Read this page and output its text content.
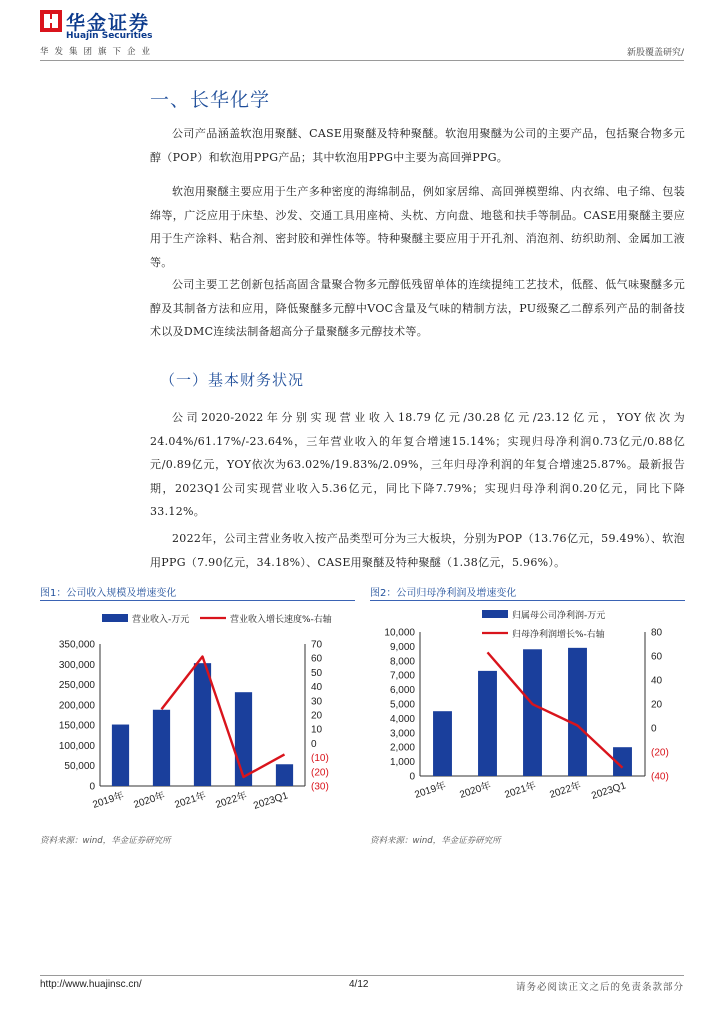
华金证券
Huajin Securities
华发集团旗下企业	新股覆盖研究/
一、长华化学
公司产品涵盖软泡用聚醚、CASE用聚醚及特种聚醚。软泡用聚醚为公司的主要产品，包括聚合物多元醇（POP）和软泡用PPG产品；其中软泡用PPG中主要为高回弹PPG。
软泡用聚醚主要应用于生产多种密度的海绵制品，例如家居绵、高回弹模塑绵、内衣绵、电子绵、包装绵等，广泛应用于床垫、沙发、交通工具用座椅、头枕、方向盘、地毯和扶手等制品。CASE用聚醚主要应用于生产涂料、粘合剂、密封胶和弹性体等。特种聚醚主要应用于开孔剂、消泡剂、纺织助剂、金属加工液等。
公司主要工艺创新包括高固含量聚合物多元醇低残留单体的连续提纯工艺技术，低醛、低气味聚醚多元醇及其制备方法和应用，降低聚醚多元醇中VOC含量及气味的精制方法，PU级聚乙二醇系列产品的制备技术以及DMC连续法制备超高分子量聚醚多元醇技术等。
（一）基本财务状况
公司2020-2022年分别实现营业收入18.79亿元/30.28亿元/23.12亿元，YOY依次为24.04%/61.17%/-23.64%，三年营业收入的年复合增速15.14%；实现归母净利润0.73亿元/0.88亿元/0.89亿元，YOY依次为63.02%/19.83%/2.09%，三年归母净利润的年复合增速25.87%。最新报告期，2023Q1公司实现营业收入5.36亿元，同比下降7.79%；实现归母净利润0.20亿元，同比下降33.12%。
2022年，公司主营业务收入按产品类型可分为三大板块，分别为POP（13.76亿元，59.49%）、软泡用PPG（7.90亿元，34.18%）、CASE用聚醚及特种聚醚（1.38亿元，5.96%）。
图1：公司收入规模及增速变化
营业收入-万元	营业收入增长速度%-右轴
350,000
300,000
250,000
200,000
150,000
100,000
50,000
0
70
60
50
40
30
20
10
0
(10)
(20)
(30)
2019年 2020年 2021年 2022年 2023Q1
资料来源：wind，华金证券研究所
图2：公司归母净利润及增速变化
归属母公司净利润-万元
归母净利润增长%-右轴
10,000
9,000
8,000
7,000
6,000
5,000
4,000
3,000
2,000
1,000
0
80
60
40
20
0
(20)
(40)
2019年 2020年 2021年 2022年 2023Q1
资料来源：wind，华金证券研究所
http://www.huajinsc.cn/	4/12	请务必阅读正文之后的免责条款部分
